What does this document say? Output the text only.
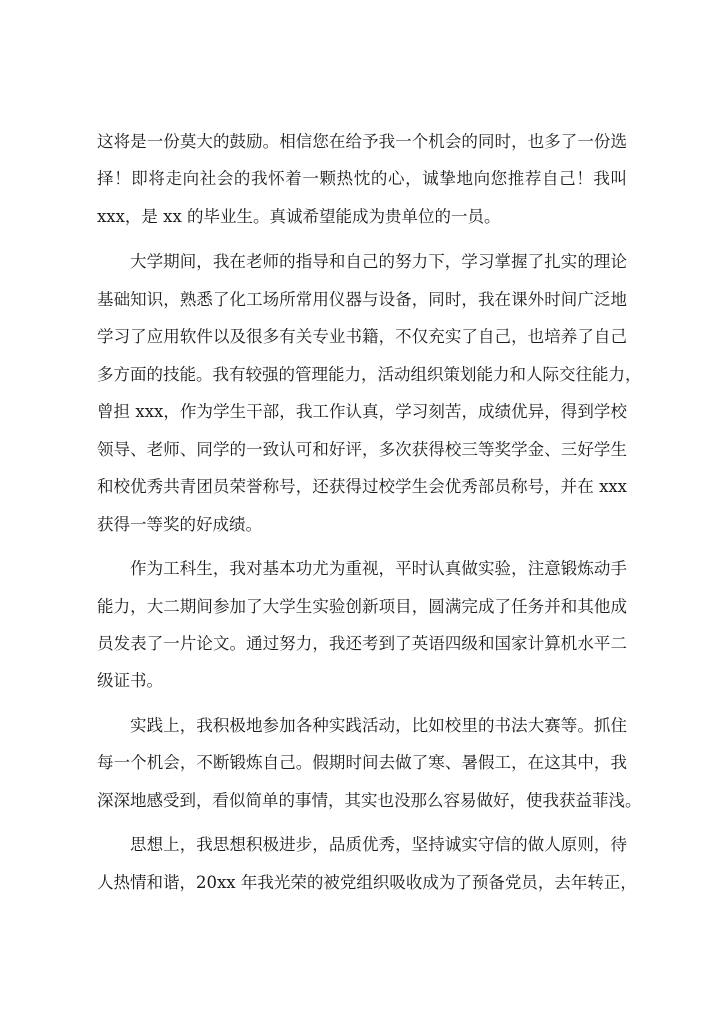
这将是一份莫大的鼓励。相信您在给予我一个机会的同时，也多了一份选
择！即将走向社会的我怀着一颗热忱的心，诚挚地向您推荐自己！我叫
xxx，是 xx 的毕业生。真诚希望能成为贵单位的一员。
大学期间，我在老师的指导和自己的努力下，学习掌握了扎实的理论
基础知识，熟悉了化工场所常用仪器与设备，同时，我在课外时间广泛地
学习了应用软件以及很多有关专业书籍，不仅充实了自己，也培养了自己
多方面的技能。我有较强的管理能力，活动组织策划能力和人际交往能力，
曾担 xxx，作为学生干部，我工作认真，学习刻苦，成绩优异，得到学校
领导、老师、同学的一致认可和好评，多次获得校三等奖学金、三好学生
和校优秀共青团员荣誉称号，还获得过校学生会优秀部员称号，并在 xxx
获得一等奖的好成绩。
作为工科生，我对基本功尤为重视，平时认真做实验，注意锻炼动手
能力，大二期间参加了大学生实验创新项目，圆满完成了任务并和其他成
员发表了一片论文。通过努力，我还考到了英语四级和国家计算机水平二
级证书。
实践上，我积极地参加各种实践活动，比如校里的书法大赛等。抓住
每一个机会，不断锻炼自己。假期时间去做了寒、暑假工，在这其中，我
深深地感受到，看似简单的事情，其实也没那么容易做好，使我获益菲浅。
思想上，我思想积极进步，品质优秀，坚持诚实守信的做人原则，待
人热情和谐，20xx 年我光荣的被党组织吸收成为了预备党员，去年转正，
